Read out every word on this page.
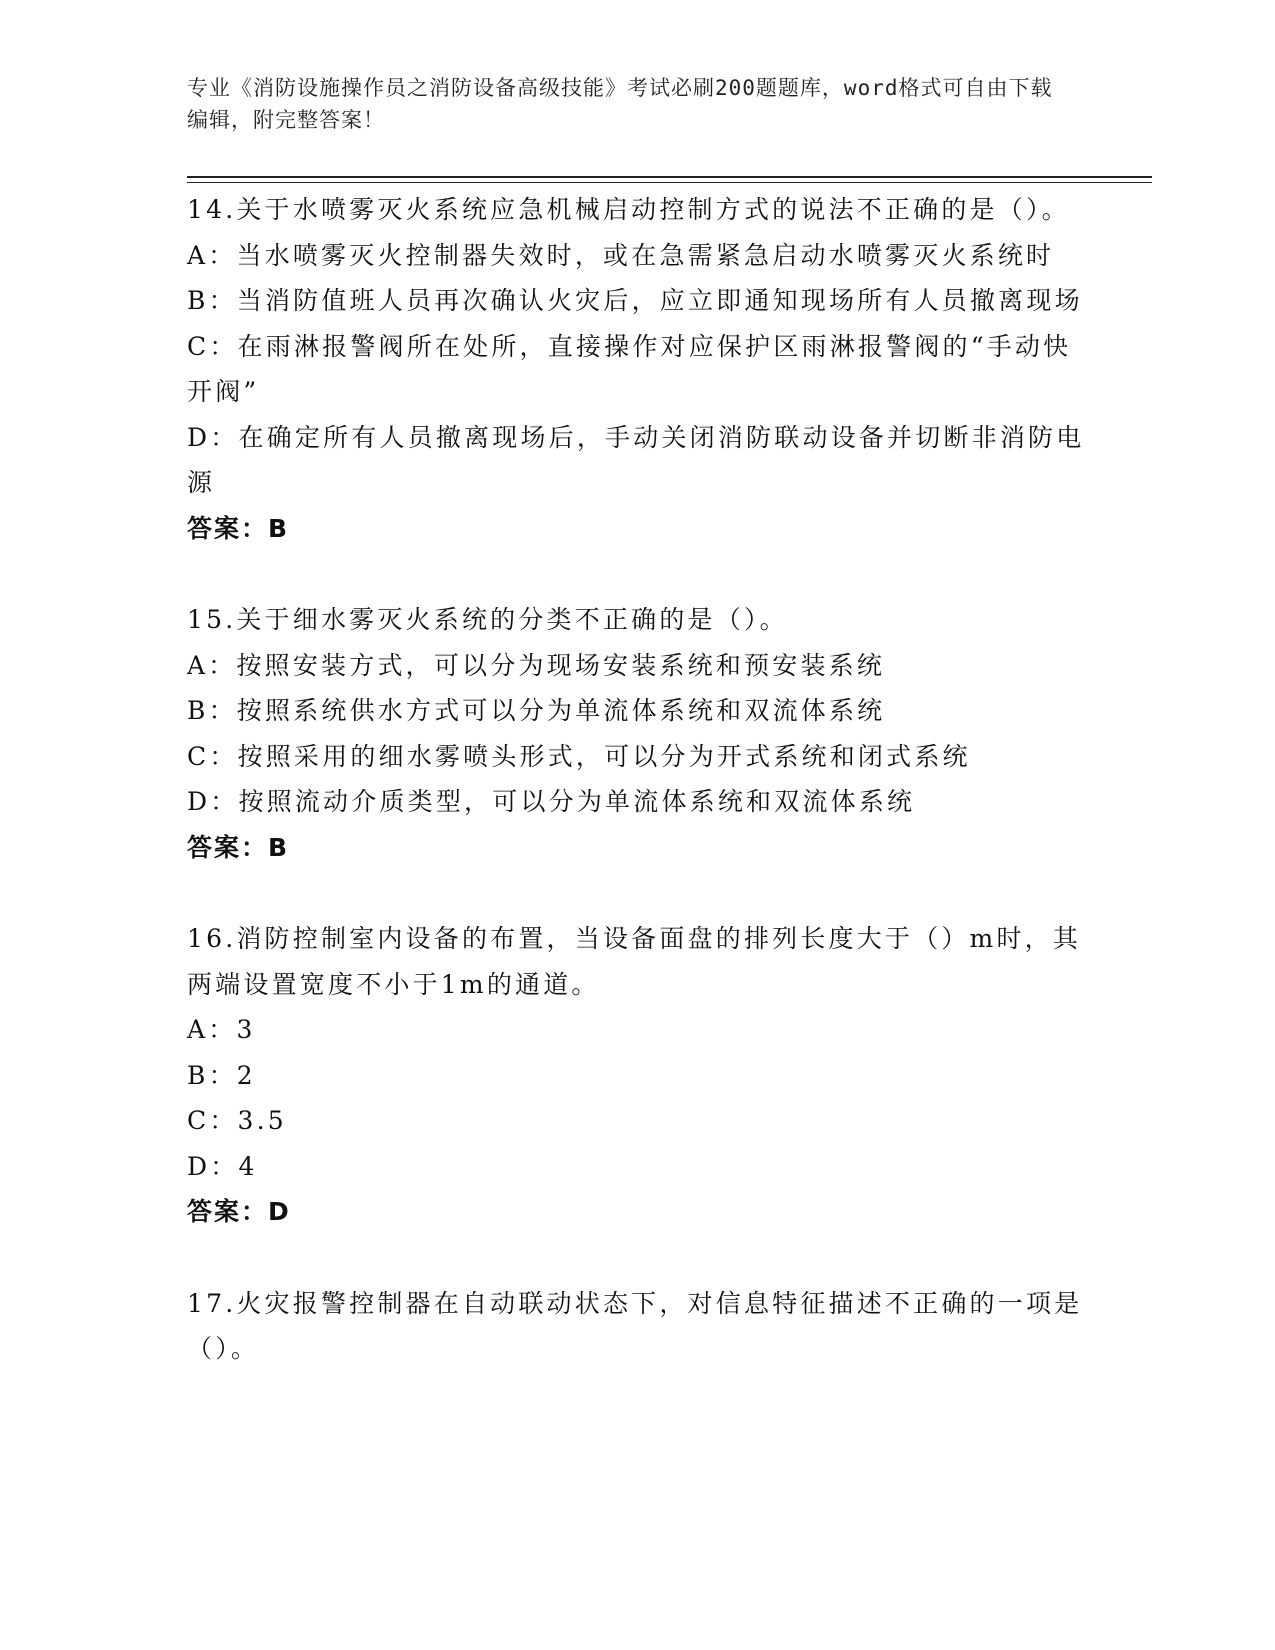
专业《消防设施操作员之消防设备高级技能》考试必刷200题题库，word格式可自由下载编辑，附完整答案！
14.关于水喷雾灭火系统应急机械启动控制方式的说法不正确的是（）。
A：当水喷雾灭火控制器失效时，或在急需紧急启动水喷雾灭火系统时
B：当消防值班人员再次确认火灾后，应立即通知现场所有人员撤离现场
C：在雨淋报警阀所在处所，直接操作对应保护区雨淋报警阀的“手动快开阀”
D：在确定所有人员撤离现场后，手动关闭消防联动设备并切断非消防电源
答案：B
15.关于细水雾灭火系统的分类不正确的是（）。
A：按照安装方式，可以分为现场安装系统和预安装系统
B：按照系统供水方式可以分为单流体系统和双流体系统
C：按照采用的细水雾喷头形式，可以分为开式系统和闭式系统
D：按照流动介质类型，可以分为单流体系统和双流体系统
答案：B
16.消防控制室内设备的布置，当设备面盘的排列长度大于（）m时，其两端设置宽度不小于1m的通道。
A：3
B：2
C：3.5
D：4
答案：D
17.火灾报警控制器在自动联动状态下，对信息特征描述不正确的一项是（）。
